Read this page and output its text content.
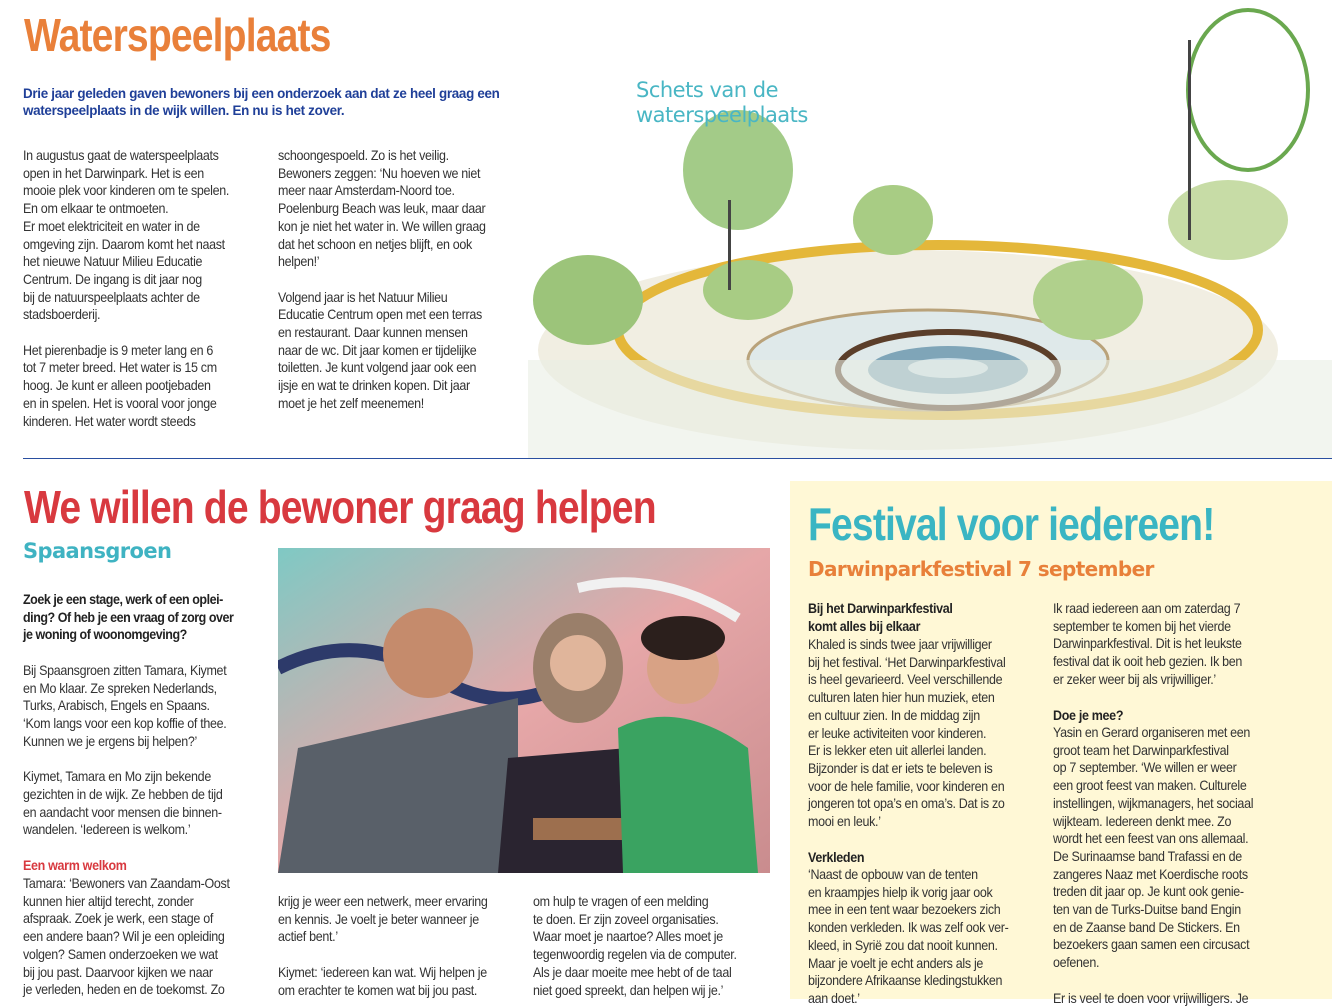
Waterspeelplaats

Drie jaar geleden gaven bewoners bij een onderzoek aan dat ze heel graag een
waterspeelplaats in de wijk willen. En nu is het zover.

In augustus gaat de waterspeelplaats
open in het Darwinpark. Het is een
mooie plek voor kinderen om te spelen.
En om elkaar te ontmoeten.
Er moet elektriciteit en water in de
omgeving zijn. Daarom komt het naast
het nieuwe Natuur Milieu Educatie
Centrum. De ingang is dit jaar nog
bij de natuurspeelplaats achter de
stadsboerderij.

Het pierenbadje is 9 meter lang en 6
tot 7 meter breed. Het water is 15 cm
hoog. Je kunt er alleen pootjebaden
en in spelen. Het is vooral voor jonge
kinderen. Het water wordt steeds

schoongespoeld. Zo is het veilig.
Bewoners zeggen: ‘Nu hoeven we niet
meer naar Amsterdam-Noord toe.
Poelenburg Beach was leuk, maar daar
kon je niet het water in. We willen graag
dat het schoon en netjes blijft, en ook
helpen!’

Volgend jaar is het Natuur Milieu
Educatie Centrum open met een terras
en restaurant. Daar kunnen mensen
naar de wc. Dit jaar komen er tijdelijke
toiletten. Je kunt volgend jaar ook een
ijsje en wat te drinken kopen. Dit jaar
moet je het zelf meenemen!

Schets van de
waterspeelplaats

We willen de bewoner graag helpen
Spaansgroen

Zoek je een stage, werk of een oplei-
ding? Of heb je een vraag of zorg over
je woning of woonomgeving?

Bij Spaansgroen zitten Tamara, Kiymet
en Mo klaar. Ze spreken Nederlands,
Turks, Arabisch, Engels en Spaans.
‘Kom langs voor een kop koffie of thee.
Kunnen we je ergens bij helpen?’

Kiymet, Tamara en Mo zijn bekende
gezichten in de wijk. Ze hebben de tijd
en aandacht voor mensen die binnen-
wandelen. ‘Iedereen is welkom.’

Een warm welkom

Tamara: ‘Bewoners van Zaandam-Oost
kunnen hier altijd terecht, zonder
afspraak. Zoek je werk, een stage of
een andere baan? Wil je een opleiding
volgen? Samen onderzoeken we wat
bij jou past. Daarvoor kijken we naar
je verleden, heden en de toekomst. Zo

krijg je weer een netwerk, meer ervaring
en kennis. Je voelt je beter wanneer je
actief bent.’

Kiymet: ‘iedereen kan wat. Wij helpen je
om erachter te komen wat bij jou past.

om hulp te vragen of een melding
te doen. Er zijn zoveel organisaties.
Waar moet je naartoe? Alles moet je
tegenwoordig regelen via de computer.
Als je daar moeite mee hebt of de taal
niet goed spreekt, dan helpen wij je.’

Festival voor iedereen!
Darwinparkfestival 7 september

Bij het Darwinparkfestival
komt alles bij elkaar

Khaled is sinds twee jaar vrijwilliger
bij het festival. ‘Het Darwinparkfestival
is heel gevarieerd. Veel verschillende
culturen laten hier hun muziek, eten
en cultuur zien. In de middag zijn
er leuke activiteiten voor kinderen.
Er is lekker eten uit allerlei landen.
Bijzonder is dat er iets te beleven is
voor de hele familie, voor kinderen en
jongeren tot opa’s en oma’s. Dat is zo
mooi en leuk.’

Verkleden

‘Naast de opbouw van de tenten
en kraampjes hielp ik vorig jaar ook
mee in een tent waar bezoekers zich
konden verkleden. Ik was zelf ook ver-
kleed, in Syrië zou dat nooit kunnen.
Maar je voelt je echt anders als je
bijzondere Afrikaanse kledingstukken
aan doet.’

Ik raad iedereen aan om zaterdag 7
september te komen bij het vierde
Darwinparkfestival. Dit is het leukste
festival dat ik ooit heb gezien. Ik ben
er zeker weer bij als vrijwilliger.’

Doe je mee?

Yasin en Gerard organiseren met een
groot team het Darwinparkfestival
op 7 september. ‘We willen er weer
een groot feest van maken. Culturele
instellingen, wijkmanagers, het sociaal
wijkteam. Iedereen denkt mee. Zo
wordt het een feest van ons allemaal.
De Surinaamse band Trafassi en de
zangeres Naaz met Koerdische roots
treden dit jaar op. Je kunt ook genie-
ten van de Turks-Duitse band Engin
en de Zaanse band De Stickers. En
bezoekers gaan samen een circusact
oefenen.

Er is veel te doen voor vrijwilligers. Je
